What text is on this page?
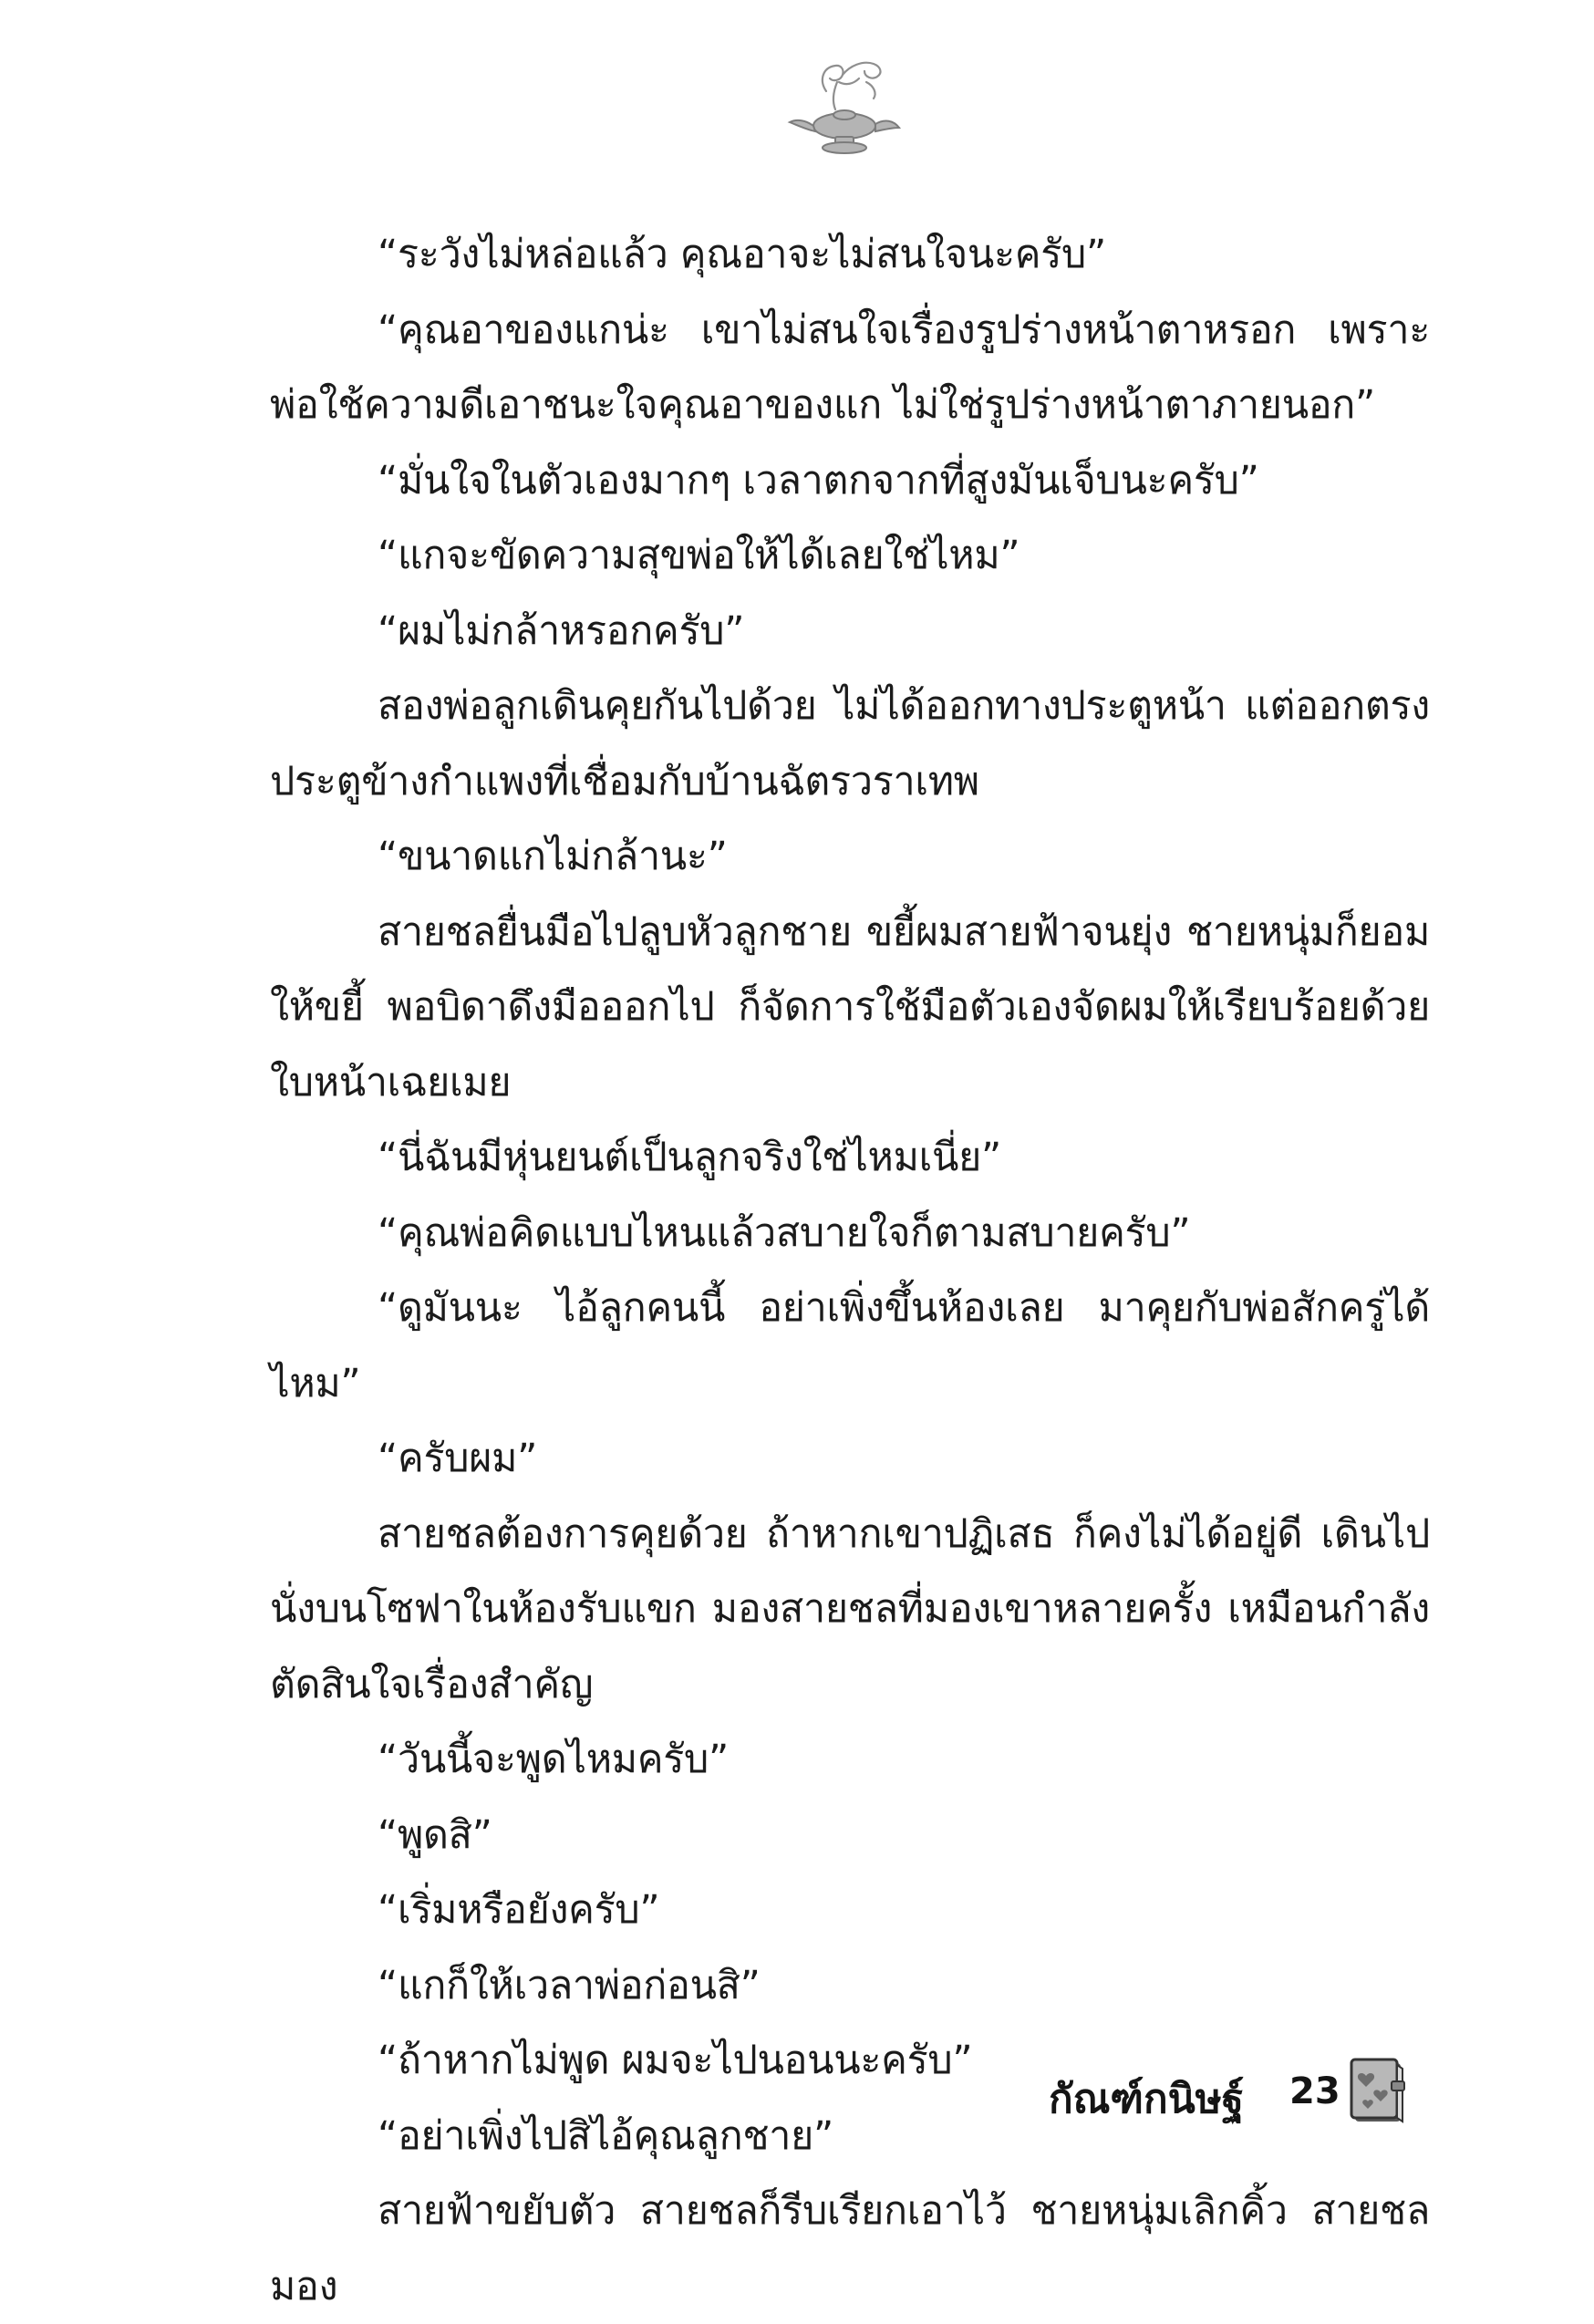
“ระวังไม่หล่อแล้ว คุณอาจะไม่สนใจนะครับ”

“คุณอาของแกน่ะ เขาไม่สนใจเรื่องรูปร่างหน้าตาหรอก เพราะพ่อใช้ความดีเอาชนะใจคุณอาของแก ไม่ใช่รูปร่างหน้าตาภายนอก”

“มั่นใจในตัวเองมากๆ เวลาตกจากที่สูงมันเจ็บนะครับ”

“แกจะขัดความสุขพ่อให้ได้เลยใช่ไหม”

“ผมไม่กล้าหรอกครับ”

สองพ่อลูกเดินคุยกันไปด้วย ไม่ได้ออกทางประตูหน้า แต่ออกตรงประตูข้างกำแพงที่เชื่อมกับบ้านฉัตรวราเทพ

“ขนาดแกไม่กล้านะ”

สายชลยื่นมือไปลูบหัวลูกชาย ขยี้ผมสายฟ้าจนยุ่ง ชายหนุ่มก็ยอมให้ขยี้ พอบิดาดึงมือออกไป ก็จัดการใช้มือตัวเองจัดผมให้เรียบร้อยด้วยใบหน้าเฉยเมย

“นี่ฉันมีหุ่นยนต์เป็นลูกจริงใช่ไหมเนี่ย”

“คุณพ่อคิดแบบไหนแล้วสบายใจก็ตามสบายครับ”

“ดูมันนะ ไอ้ลูกคนนี้ อย่าเพิ่งขึ้นห้องเลย มาคุยกับพ่อสักครู่ได้ไหม”

“ครับผม”

สายชลต้องการคุยด้วย ถ้าหากเขาปฏิเสธ ก็คงไม่ได้อยู่ดี เดินไปนั่งบนโซฟาในห้องรับแขก มองสายชลที่มองเขาหลายครั้ง เหมือนกำลังตัดสินใจเรื่องสำคัญ

“วันนี้จะพูดไหมครับ”

“พูดสิ”

“เริ่มหรือยังครับ”

“แกก็ให้เวลาพ่อก่อนสิ”

“ถ้าหากไม่พูด ผมจะไปนอนนะครับ”

“อย่าเพิ่งไปสิไอ้คุณลูกชาย”

สายฟ้าขยับตัว สายชลก็รีบเรียกเอาไว้ ชายหนุ่มเลิกคิ้ว สายชลมอง

กัณฑ์กนิษฐ์ 23
